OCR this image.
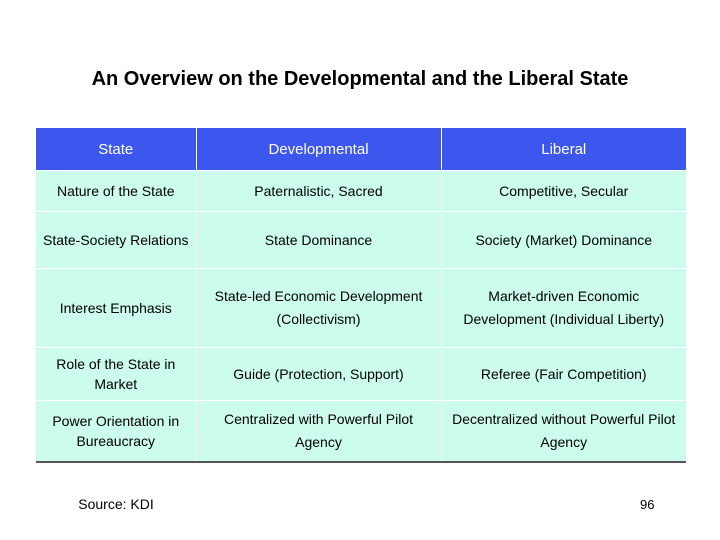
An Overview on the Developmental and the Liberal State
State	Developmental	Liberal
Nature of the State	Paternalistic, Sacred	Competitive, Secular
State-Society Relations	State Dominance	Society (Market) Dominance
Interest Emphasis	State-led Economic Development (Collectivism)	Market-driven Economic Development (Individual Liberty)
Role of the State in Market	Guide (Protection, Support)	Referee (Fair Competition)
Power Orientation in Bureaucracy	Centralized with Powerful Pilot Agency	Decentralized without Powerful Pilot Agency
Source: KDI	96
